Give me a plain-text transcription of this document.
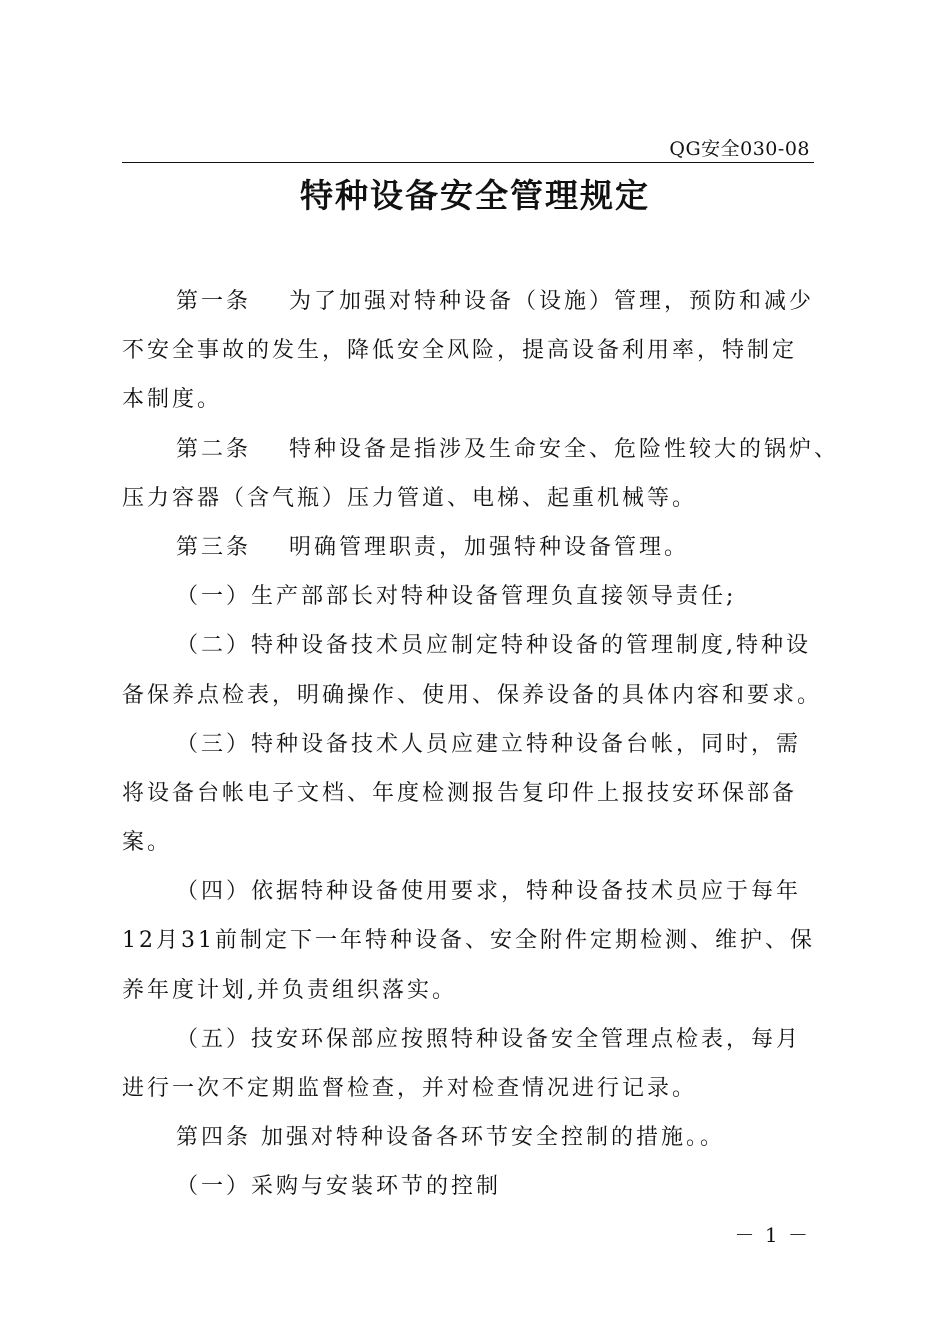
QG安全030-08
特种设备安全管理规定
第一条 为了加强对特种设备（设施）管理，预防和减少
不安全事故的发生，降低安全风险，提高设备利用率，特制定
本制度。
第二条 特种设备是指涉及生命安全、危险性较大的锅炉、
压力容器（含气瓶）压力管道、电梯、起重机械等。
第三条 明确管理职责，加强特种设备管理。
（一）生产部部长对特种设备管理负直接领导责任;
（二）特种设备技术员应制定特种设备的管理制度,特种设
备保养点检表，明确操作、使用、保养设备的具体内容和要求。
（三）特种设备技术人员应建立特种设备台帐，同时，需
将设备台帐电子文档、年度检测报告复印件上报技安环保部备
案。
（四）依据特种设备使用要求，特种设备技术员应于每年
12月31前制定下一年特种设备、安全附件定期检测、维护、保
养年度计划,并负责组织落实。
（五）技安环保部应按照特种设备安全管理点检表，每月
进行一次不定期监督检查，并对检查情况进行记录。
第四条 加强对特种设备各环节安全控制的措施。。
（一）采购与安装环节的控制
－ 1 －
